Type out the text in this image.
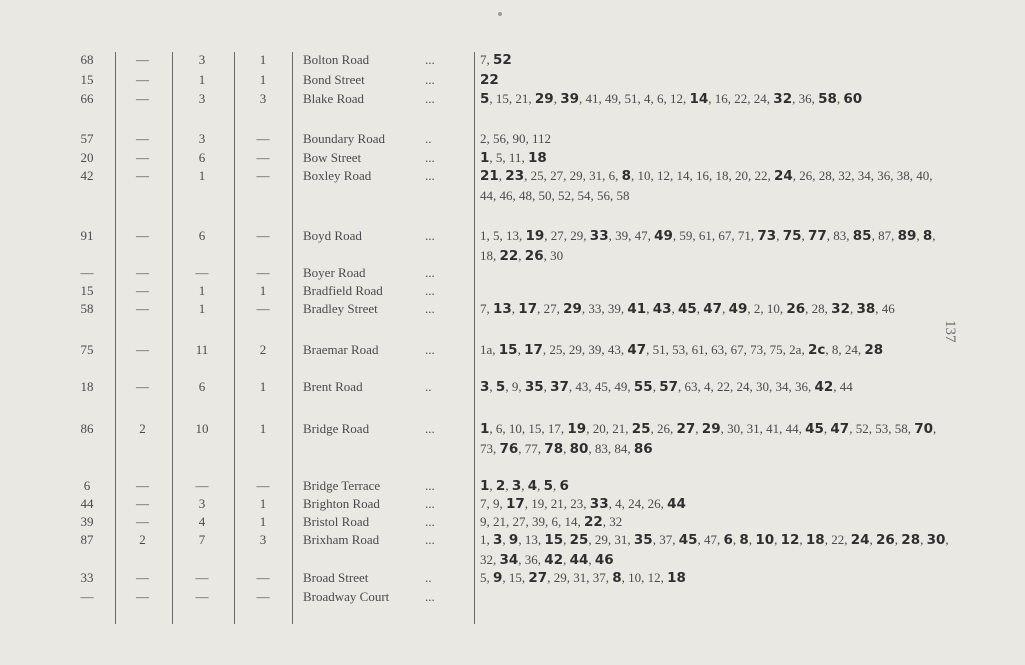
68	—	3	1	Bolton Road	...	7, 52
15	—	1	1	Bond Street	...	22
66	—	3	3	Blake Road	...	5, 15, 21, 29, 39, 41, 49, 51, 4, 6, 12, 14, 16, 22, 24, 32, 36, 58, 60
57	—	3	—	Boundary Road	..	2, 56, 90, 112
20	—	6	—	Bow Street	...	1, 5, 11, 18
42	—	1	—	Boxley Road	...	21, 23, 25, 27, 29, 31, 6, 8, 10, 12, 14, 16, 18, 20, 22, 24, 26, 28, 32, 34, 36, 38, 40, 44, 46, 48, 50, 52, 54, 56, 58
91	—	6	—	Boyd Road	...	1, 5, 13, 19, 27, 29, 33, 39, 47, 49, 59, 61, 67, 71, 73, 75, 77, 83, 85, 87, 89, 8, 18, 22, 26, 30
—	—	—	—	Boyer Road	...
15	—	1	1	Bradfield Road	...
58	—	1	—	Bradley Street	...	7, 13, 17, 27, 29, 33, 39, 41, 43, 45, 47, 49, 2, 10, 26, 28, 32, 38, 46
75	—	11	2	Braemar Road	...	1a, 15, 17, 25, 29, 39, 43, 47, 51, 53, 61, 63, 67, 73, 75, 2a, 2c, 8, 24, 28
18	—	6	1	Brent Road	..	3, 5, 9, 35, 37, 43, 45, 49, 55, 57, 63, 4, 22, 24, 30, 34, 36, 42, 44
86	2	10	1	Bridge Road	...	1, 6, 10, 15, 17, 19, 20, 21, 25, 26, 27, 29, 30, 31, 41, 44, 45, 47, 52, 53, 58, 70, 73, 76, 77, 78, 80, 83, 84, 86
6	—	—	—	Bridge Terrace	...	1, 2, 3, 4, 5, 6
44	—	3	1	Brighton Road	...	7, 9, 17, 19, 21, 23, 33, 4, 24, 26, 44
39	—	4	1	Bristol Road	...	9, 21, 27, 39, 6, 14, 22, 32
87	2	7	3	Brixham Road	...	1, 3, 9, 13, 15, 25, 29, 31, 35, 37, 45, 47, 6, 8, 10, 12, 18, 22, 24, 26, 28, 30, 32, 34, 36, 42, 44, 46
33	—	—	—	Broad Street	..	5, 9, 15, 27, 29, 31, 37, 8, 10, 12, 18
—	—	—	—	Broadway Court	...
137
